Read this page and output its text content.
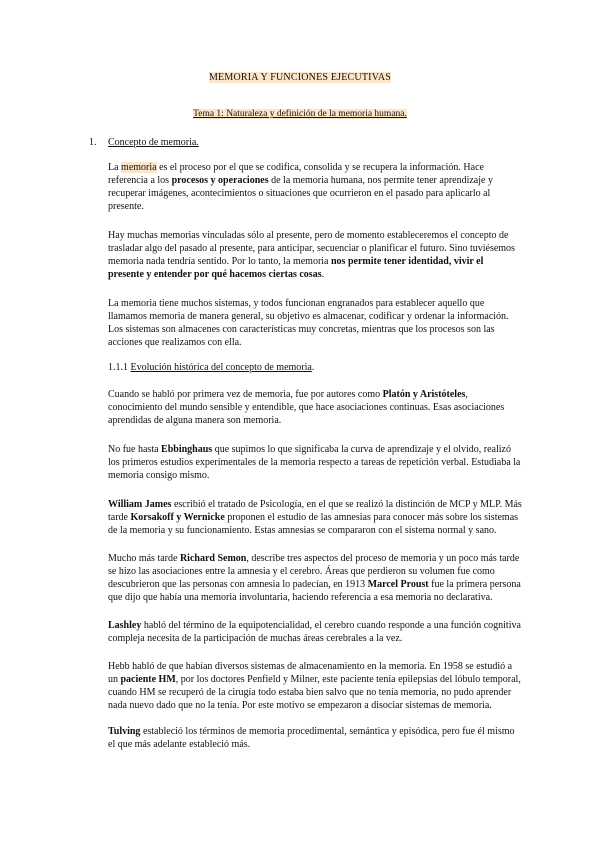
MEMORIA Y FUNCIONES EJECUTIVAS
Tema 1: Naturaleza y definición de la memoria humana.
1. Concepto de memoria.
1.1.1 Evolución histórica del concepto de memoria.
La memoria es el proceso por el que se codifica, consolida y se recupera la información. Hace
referencia a los procesos y operaciones de la memoria humana, nos permite tener aprendizaje y
recuperar imágenes, acontecimientos o situaciones que ocurrieron en el pasado para aplicarlo al
presente.
Hay muchas memorias vinculadas sólo al presente, pero de momento estableceremos el concepto de
trasladar algo del pasado al presente, para anticipar, secuenciar o planificar el futuro. Sino tuviésemos
memoria nada tendría sentido. Por lo tanto, la memoria nos permite tener identidad, vivir el
presente y entender por qué hacemos ciertas cosas.
La memoria tiene muchos sistemas, y todos funcionan engranados para establecer aquello que
llamamos memoria de manera general, su objetivo es almacenar, codificar y ordenar la información.
Los sistemas son almacenes con características muy concretas, mientras que los procesos son las
acciones que realizamos con ella.
Cuando se habló por primera vez de memoria, fue por autores como Platón y Aristóteles,
conocimiento del mundo sensible y entendible, que hace asociaciones continuas. Esas asociaciones
aprendidas de alguna manera son memoria.
No fue hasta Ebbinghaus que supimos lo que significaba la curva de aprendizaje y el olvido, realizó
los primeros estudios experimentales de la memoria respecto a tareas de repetición verbal. Estudiaba la
memoria consigo mismo.
William James escribió el tratado de Psicología, en el que se realizó la distinción de MCP y MLP. Más
tarde Korsakoff y Wernicke proponen el estudio de las amnesias para conocer más sobre los sistemas
de la memoria y su funcionamiento. Estas amnesias se compararon con el sistema normal y sano.
Mucho más tarde Richard Semon, describe tres aspectos del proceso de memoria y un poco más tarde
se hizo las asociaciones entre la amnesia y el cerebro. Áreas que perdieron su volumen fue como
descubrieron que las personas con amnesia lo padecían, en 1913 Marcel Proust fue la primera persona
que dijo que había una memoria involuntaria, haciendo referencia a esa memoria no declarativa.
Lashley habló del término de la equipotencialidad, el cerebro cuando responde a una función cognitiva
compleja necesita de la participación de muchas áreas cerebrales a la vez.
Hebb habló de que habían diversos sistemas de almacenamiento en la memoria. En 1958 se estudió a
un paciente HM, por los doctores Penfield y Milner, este paciente tenía epilepsias del lóbulo temporal,
cuando HM se recuperó de la cirugía todo estaba bien salvo que no tenía memoria, no pudo aprender
nada nuevo dado que no la tenía. Por este motivo se empezaron a disociar sistemas de memoria.
Tulving estableció los términos de memoria procedimental, semántica y episódica, pero fue él mismo
el que más adelante estableció más.
